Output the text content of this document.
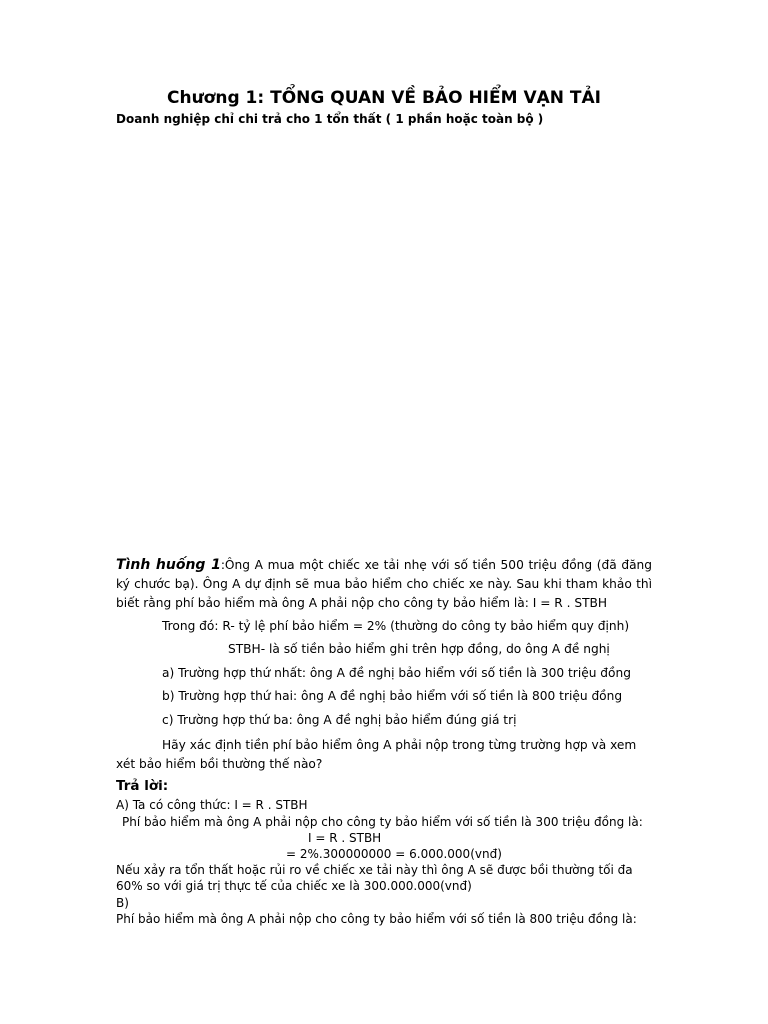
Chương 1: TỔNG QUAN VỀ BẢO HIỂM VẠN TẢI
Doanh nghiệp chỉ chi trả cho 1 tổn thất ( 1 phần hoặc toàn bộ )
Tình huống 1:Ông A mua một chiếc xe tải nhẹ với số tiền 500 triệu đồng (đã đăng ký chước bạ). Ông A dự định sẽ mua bảo hiểm cho chiếc xe này. Sau khi tham khảo thì biết rằng phí bảo hiểm mà ông A phải nộp cho công ty bảo hiểm là: I = R . STBH
Trong đó: R- tỷ lệ phí bảo hiểm = 2% (thường do công ty bảo hiểm quy định)
STBH- là số tiền bảo hiểm ghi trên hợp đồng, do ông A đề nghị
a) Trường hợp thứ nhất: ông A đề nghị bảo hiểm với số tiền là 300 triệu đồng
b) Trường hợp thứ hai: ông A đề nghị bảo hiểm với số tiền là 800 triệu đồng
c) Trường hợp thứ ba: ông A đề nghị bảo hiểm đúng giá trị
Hãy xác định tiền phí bảo hiểm ông A phải nộp trong từng trường hợp và xem xét bảo hiểm bồi thường thế nào?
Trả lời:
A) Ta có công thức: I = R . STBH
Phí bảo hiểm mà ông A phải nộp cho công ty bảo hiểm với số tiền là 300 triệu đồng là:
I = R . STBH
= 2%.300000000 = 6.000.000(vnđ)
Nếu xảy ra tổn thất hoặc rủi ro về chiếc xe tải này thì ông A sẽ được bồi thường tối đa 60% so với giá trị thực tế của chiếc xe là 300.000.000(vnđ)
B)
Phí bảo hiểm mà ông A phải nộp cho công ty bảo hiểm với số tiền là 800 triệu đồng là:
